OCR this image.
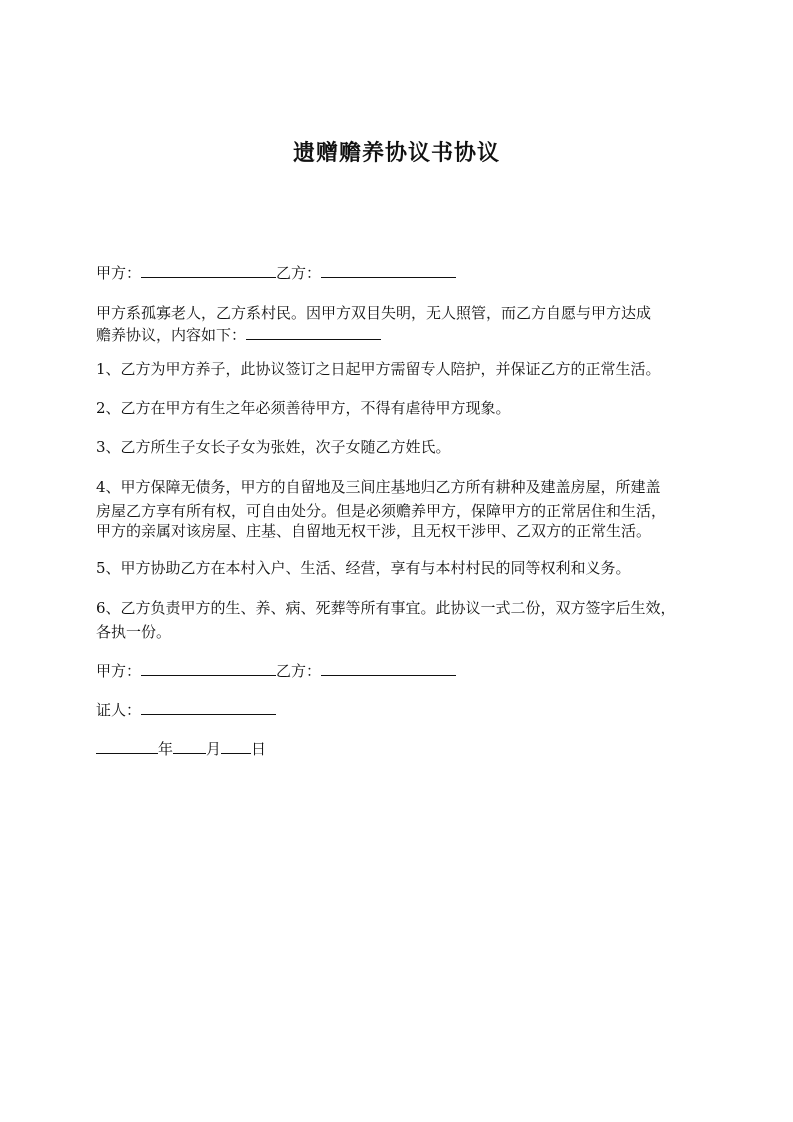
遗赠赡养协议书协议
甲方：	乙方：
甲方系孤寡老人，乙方系村民。因甲方双目失明，无人照管，而乙方自愿与甲方达成
赡养协议，内容如下：
1、乙方为甲方养子，此协议签订之日起甲方需留专人陪护，并保证乙方的正常生活。
2、乙方在甲方有生之年必须善待甲方，不得有虐待甲方现象。
3、乙方所生子女长子女为张姓，次子女随乙方姓氏。
4、甲方保障无债务，甲方的自留地及三间庄基地归乙方所有耕种及建盖房屋，所建盖
房屋乙方享有所有权，可自由处分。但是必须赡养甲方，保障甲方的正常居住和生活，
甲方的亲属对该房屋、庄基、自留地无权干涉，且无权干涉甲、乙双方的正常生活。
5、甲方协助乙方在本村入户、生活、经营，享有与本村村民的同等权利和义务。
6、乙方负责甲方的生、养、病、死葬等所有事宜。此协议一式二份，双方签字后生效，
各执一份。
甲方：	乙方：
证人：
年 月 日
